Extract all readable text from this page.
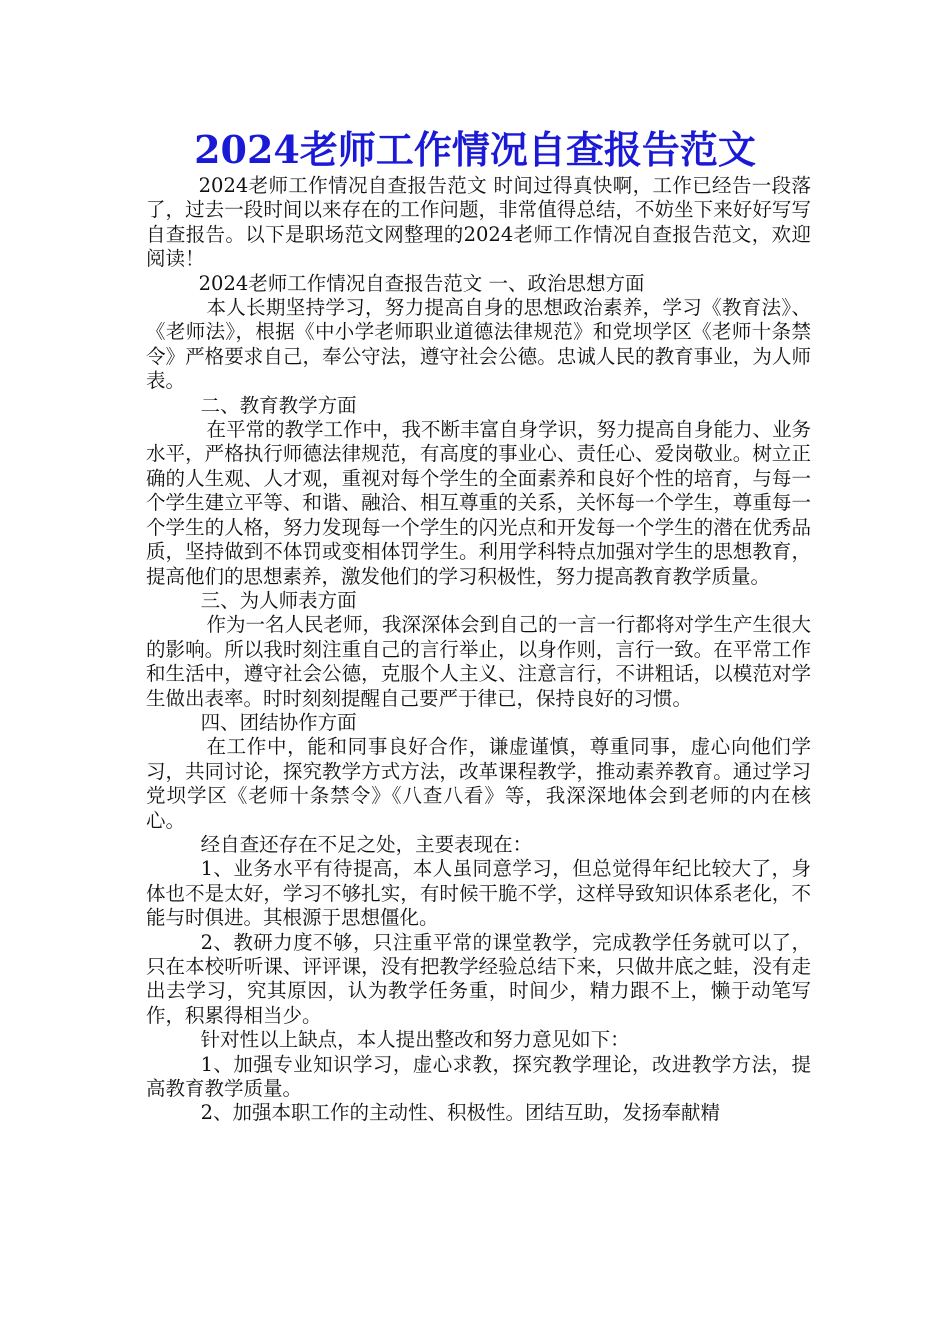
2024老师工作情况自查报告范文

2024老师工作情况自查报告范文 时间过得真快啊，工作已经告一段落了，过去一段时间以来存在的工作问题，非常值得总结，不妨坐下来好好写写自查报告。以下是职场范文网整理的2024老师工作情况自查报告范文，欢迎阅读！

2024老师工作情况自查报告范文 一、政治思想方面

本人长期坚持学习，努力提高自身的思想政治素养，学习《教育法》、《老师法》，根据《中小学老师职业道德法律规范》和党坝学区《老师十条禁令》严格要求自己，奉公守法，遵守社会公德。忠诚人民的教育事业，为人师表。

二、教育教学方面

在平常的教学工作中，我不断丰富自身学识，努力提高自身能力、业务水平，严格执行师德法律规范，有高度的事业心、责任心、爱岗敬业。树立正确的人生观、人才观，重视对每个学生的全面素养和良好个性的培育，与每一个学生建立平等、和谐、融洽、相互尊重的关系，关怀每一个学生，尊重每一个学生的人格，努力发现每一个学生的闪光点和开发每一个学生的潜在优秀品质，坚持做到不体罚或变相体罚学生。利用学科特点加强对学生的思想教育，提高他们的思想素养，激发他们的学习积极性，努力提高教育教学质量。

三、为人师表方面

作为一名人民老师，我深深体会到自己的一言一行都将对学生产生很大的影响。所以我时刻注重自己的言行举止，以身作则，言行一致。在平常工作和生活中，遵守社会公德，克服个人主义、注意言行，不讲粗话，以模范对学生做出表率。时时刻刻提醒自己要严于律已，保持良好的习惯。

四、团结协作方面

在工作中，能和同事良好合作，谦虚谨慎，尊重同事，虚心向他们学习，共同讨论，探究教学方式方法，改革课程教学，推动素养教育。通过学习党坝学区《老师十条禁令》《八查八看》等，我深深地体会到老师的内在核心。

经自查还存在不足之处，主要表现在：

1、业务水平有待提高，本人虽同意学习，但总觉得年纪比较大了，身体也不是太好，学习不够扎实，有时候干脆不学，这样导致知识体系老化，不能与时俱进。其根源于思想僵化。

2、教研力度不够，只注重平常的课堂教学，完成教学任务就可以了，只在本校听听课、评评课，没有把教学经验总结下来，只做井底之蛙，没有走出去学习，究其原因，认为教学任务重，时间少，精力跟不上，懒于动笔写作，积累得相当少。

针对性以上缺点，本人提出整改和努力意见如下：

1、加强专业知识学习，虚心求教，探究教学理论，改进教学方法，提高教育教学质量。

2、加强本职工作的主动性、积极性。团结互助，发扬奉献精
